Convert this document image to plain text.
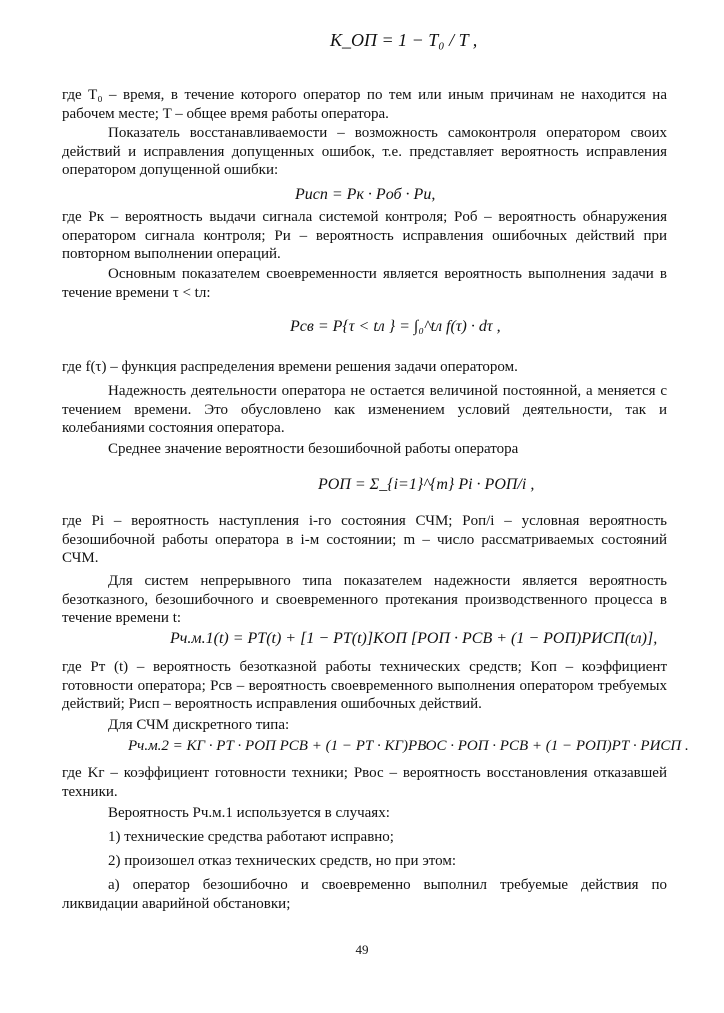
K_ОП = 1 − T₀ / T ,

где T₀ – время, в течение которого оператор по тем или иным причинам не находится на рабочем месте; T – общее время работы оператора.

Показатель восстанавливаемости – возможность самоконтроля оператором своих действий и исправления допущенных ошибок, т.е. представляет вероятность исправления оператором допущенной ошибки:

Pисп = Pк · Pоб · Pи,

где Pк – вероятность выдачи сигнала системой контроля; Pоб – вероятность обнаружения оператором сигнала контроля; Pи – вероятность исправления ошибочных действий при повторном выполнении операций.

Основным показателем своевременности является вероятность выполнения задачи в течение времени τ < tл:

Pсв = P{τ < tл } = ∫₀^tл f(τ) · dτ ,

где f(τ) – функция распределения времени решения задачи оператором.

Надежность деятельности оператора не остается величиной постоянной, а меняется с течением времени. Это обусловлено как изменением условий деятельности, так и колебаниями состояния оператора.

Среднее значение вероятности безошибочной работы оператора

PОП = Σ_{i=1}^{m} Pi · PОП/i ,

где Pi – вероятность наступления i-го состояния СЧМ; Pоп/i – условная вероятность безошибочной работы оператора в i-м состоянии; m – число рассматриваемых состояний СЧМ.

Для систем непрерывного типа показателем надежности является вероятность безотказного, безошибочного и своевременного протекания производственного процесса в течение времени t:

Pч.м.1(t) = PТ(t) + [1 − PТ(t)]KОП [PОП · PСВ + (1 − PОП)PИСП(tл)],

где Pт (t) – вероятность безотказной работы технических средств; Kоп – коэффициент готовности оператора; Pсв – вероятность своевременного выполнения оператором требуемых действий; Pисп – вероятность исправления ошибочных действий.

Для СЧМ дискретного типа:

Pч.м.2 = KГ · PТ · PОП PСВ + (1 − PТ · KГ)PВОС · PОП · PСВ + (1 − PОП)PТ · PИСП .

где Kг – коэффициент готовности техники; Pвос – вероятность восстановления отказавшей техники.

Вероятность Pч.м.1 используется в случаях:

1) технические средства работают исправно;

2) произошел отказ технических средств, но при этом:

а) оператор безошибочно и своевременно выполнил требуемые действия по ликвидации аварийной обстановки;

49
